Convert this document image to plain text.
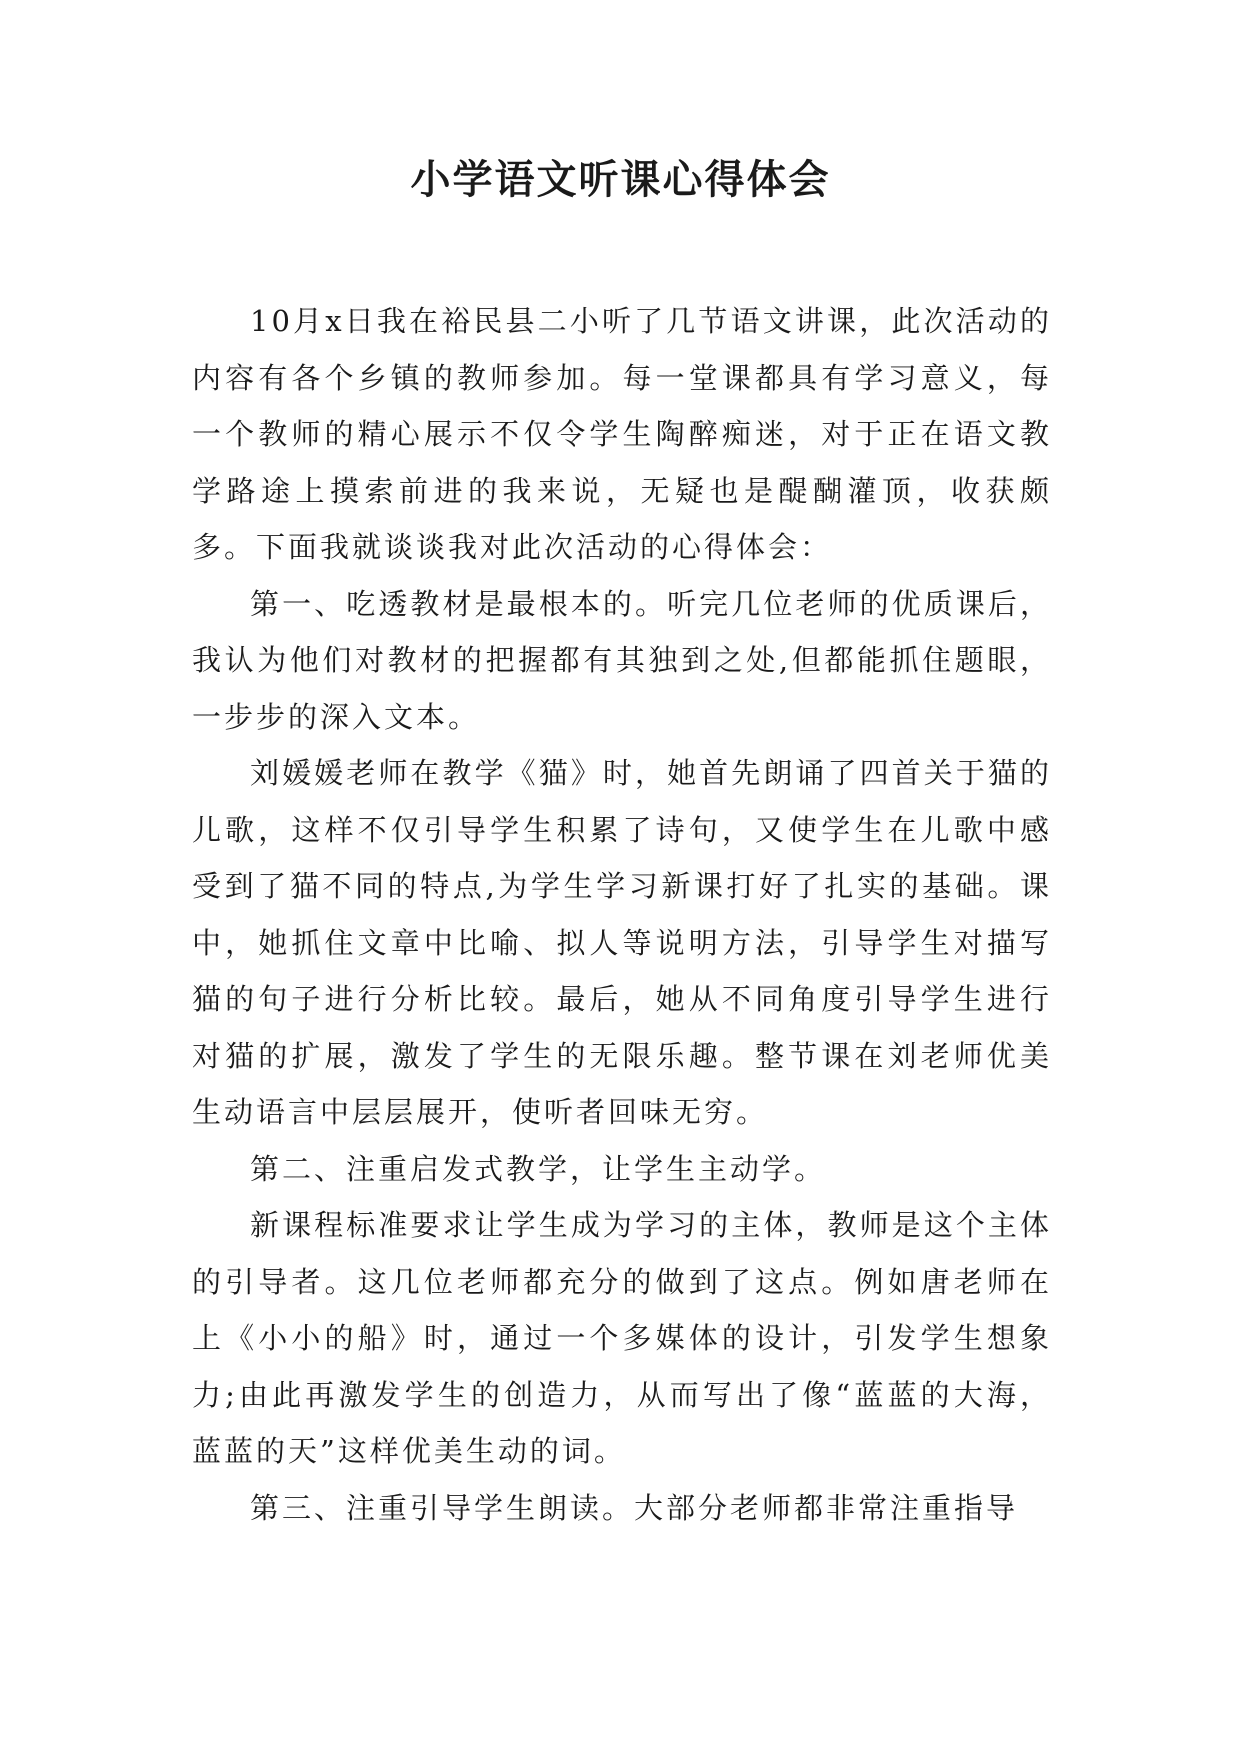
小学语文听课心得体会

10月x日我在裕民县二小听了几节语文讲课，此次活动的内容有各个乡镇的教师参加。每一堂课都具有学习意义，每一个教师的精心展示不仅令学生陶醉痴迷，对于正在语文教学路途上摸索前进的我来说，无疑也是醍醐灌顶，收获颇多。下面我就谈谈我对此次活动的心得体会：

第一、吃透教材是最根本的。听完几位老师的优质课后，我认为他们对教材的把握都有其独到之处,但都能抓住题眼，一步步的深入文本。

刘媛媛老师在教学《猫》时，她首先朗诵了四首关于猫的儿歌，这样不仅引导学生积累了诗句，又使学生在儿歌中感受到了猫不同的特点,为学生学习新课打好了扎实的基础。课中，她抓住文章中比喻、拟人等说明方法，引导学生对描写猫的句子进行分析比较。最后，她从不同角度引导学生进行对猫的扩展，激发了学生的无限乐趣。整节课在刘老师优美生动语言中层层展开，使听者回味无穷。

第二、注重启发式教学，让学生主动学。

新课程标准要求让学生成为学习的主体，教师是这个主体的引导者。这几位老师都充分的做到了这点。例如唐老师在上《小小的船》时，通过一个多媒体的设计，引发学生想象力;由此再激发学生的创造力，从而写出了像“蓝蓝的大海，蓝蓝的天”这样优美生动的词。

第三、注重引导学生朗读。大部分老师都非常注重指导
